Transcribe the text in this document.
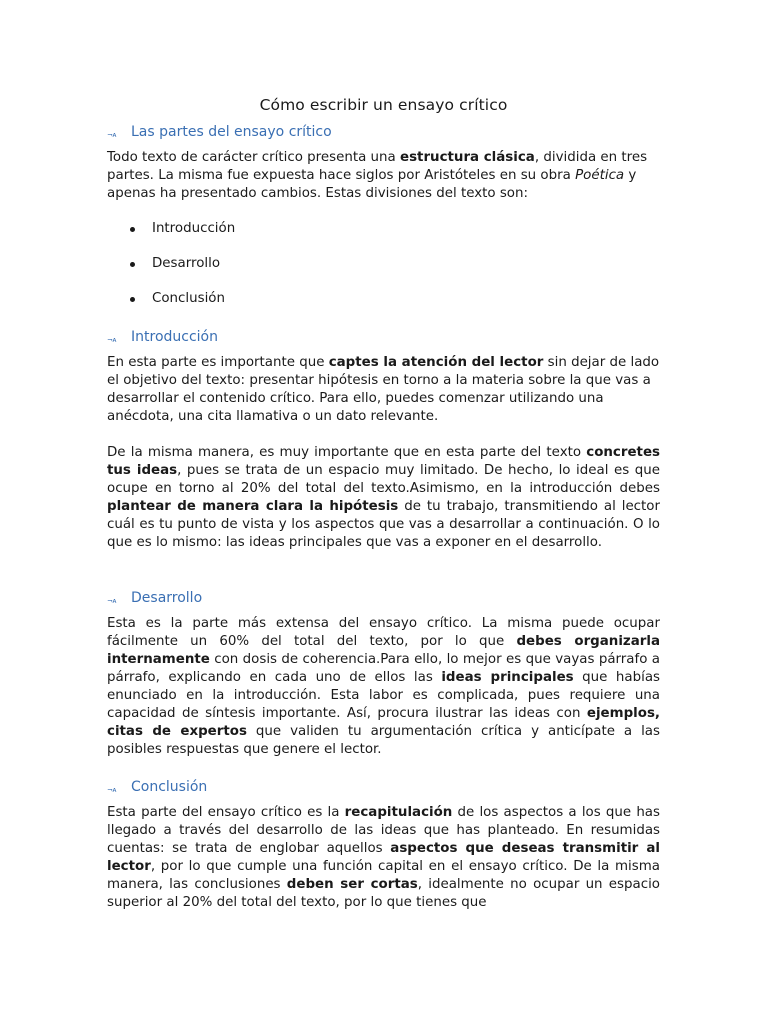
Cómo escribir un ensayo crítico
¬ᴀ	Las partes del ensayo crítico

Todo texto de carácter crítico presenta una estructura clásica, dividida en tres partes. La misma fue expuesta hace siglos por Aristóteles en su obra Poética y apenas ha presentado cambios. Estas divisiones del texto son:

Introducción
Desarrollo
Conclusión
¬ᴀ	Introducción

En esta parte es importante que captes la atención del lector sin dejar de lado el objetivo del texto: presentar hipótesis en torno a la materia sobre la que vas a desarrollar el contenido crítico. Para ello, puedes comenzar utilizando una anécdota, una cita llamativa o un dato relevante.

De la misma manera, es muy importante que en esta parte del texto concretes tus ideas, pues se trata de un espacio muy limitado. De hecho, lo ideal es que ocupe en torno al 20% del total del texto.Asimismo, en la introducción debes plantear de manera clara la hipótesis de tu trabajo, transmitiendo al lector cuál es tu punto de vista y los aspectos que vas a desarrollar a continuación. O lo que es lo mismo: las ideas principales que vas a exponer en el desarrollo.

¬ᴀ	Desarrollo

Esta es la parte más extensa del ensayo crítico. La misma puede ocupar fácilmente un 60% del total del texto, por lo que debes organizarla internamente con dosis de coherencia.Para ello, lo mejor es que vayas párrafo a párrafo, explicando en cada uno de ellos las ideas principales que habías enunciado en la introducción. Esta labor es complicada, pues requiere una capacidad de síntesis importante. Así, procura ilustrar las ideas con ejemplos, citas de expertos que validen tu argumentación crítica y anticípate a las posibles respuestas que genere el lector.

¬ᴀ	Conclusión

Esta parte del ensayo crítico es la recapitulación de los aspectos a los que has llegado a través del desarrollo de las ideas que has planteado. En resumidas cuentas: se trata de englobar aquellos aspectos que deseas transmitir al lector, por lo que cumple una función capital en el ensayo crítico. De la misma manera, las conclusiones deben ser cortas, idealmente no ocupar un espacio superior al 20% del total del texto, por lo que tienes que
